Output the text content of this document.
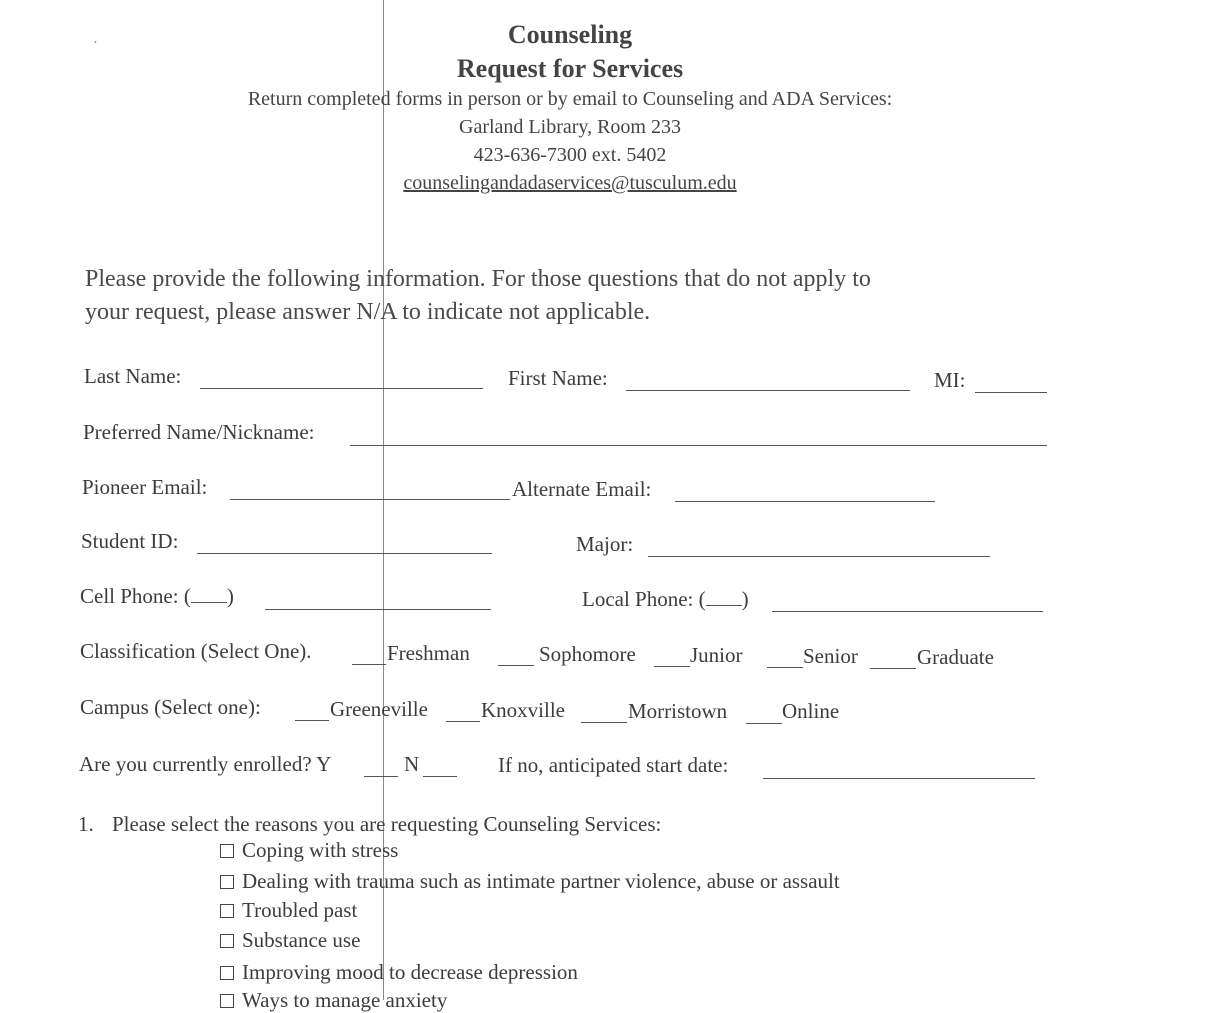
•	Counseling
Request for Services
Return completed forms in person or by email to Counseling and ADA Services:
Garland Library, Room 233
423-636-7300 ext. 5402
counselingandadaservices@tusculum.edu
Please provide the following information. For those questions that do not apply to
your request, please answer N/A to indicate not applicable.
Last Name:	First Name:	MI:
Preferred Name/Nickname:
Pioneer Email:	Alternate Email:
Student ID:	Major:
Cell Phone: ( )	Local Phone: ( )
Classification (Select One).	Freshman	Sophomore	Junior	Senior	Graduate
Campus (Select one):	Greeneville	Knoxville	Morristown	Online
Are you currently enrolled? Y	N	If no, anticipated start date:
1. Please select the reasons you are requesting Counseling Services:
Coping with stress
Dealing with trauma such as intimate partner violence, abuse or assault
Troubled past
Substance use
Improving mood to decrease depression
Ways to manage anxiety
